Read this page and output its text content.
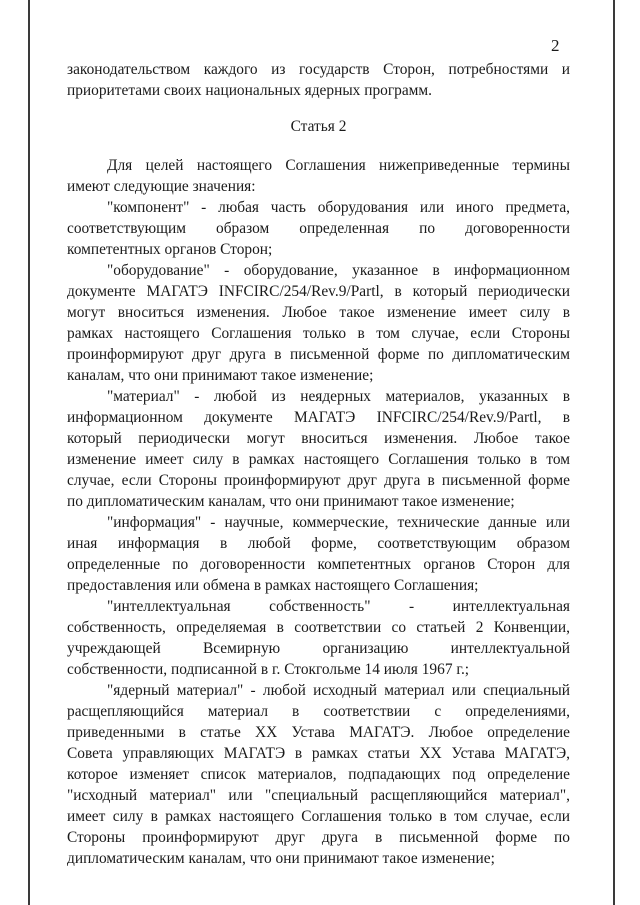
2
законодательством каждого из государств Сторон, потребностями и
приоритетами своих национальных ядерных программ.
Статья 2
Для целей настоящего Соглашения нижеприведенные термины
имеют следующие значения:
"компонент" - любая часть оборудования или иного предмета,
соответствующим образом определенная по договоренности
компетентных органов Сторон;
"оборудование" - оборудование, указанное в информационном
документе МАГАТЭ INFCIRC/254/Rev.9/Partl, в который периодически
могут вноситься изменения. Любое такое изменение имеет силу в
рамках настоящего Соглашения только в том случае, если Стороны
проинформируют друг друга в письменной форме по дипломатическим
каналам, что они принимают такое изменение;
"материал" - любой из неядерных материалов, указанных в
информационном документе МАГАТЭ INFCIRC/254/Rev.9/Partl, в
который периодически могут вноситься изменения. Любое такое
изменение имеет силу в рамках настоящего Соглашения только в том
случае, если Стороны проинформируют друг друга в письменной форме
по дипломатическим каналам, что они принимают такое изменение;
"информация" - научные, коммерческие, технические данные или
иная информация в любой форме, соответствующим образом
определенные по договоренности компетентных органов Сторон для
предоставления или обмена в рамках настоящего Соглашения;
"интеллектуальная собственность" - интеллектуальная
собственность, определяемая в соответствии со статьей 2 Конвенции,
учреждающей Всемирную организацию интеллектуальной
собственности, подписанной в г. Стокгольме 14 июля 1967 г.;
"ядерный материал" - любой исходный материал или специальный
расщепляющийся материал в соответствии с определениями,
приведенными в статье XX Устава МАГАТЭ. Любое определение
Совета управляющих МАГАТЭ в рамках статьи XX Устава МАГАТЭ,
которое изменяет список материалов, подпадающих под определение
"исходный материал" или "специальный расщепляющийся материал",
имеет силу в рамках настоящего Соглашения только в том случае, если
Стороны проинформируют друг друга в письменной форме по
дипломатическим каналам, что они принимают такое изменение;
